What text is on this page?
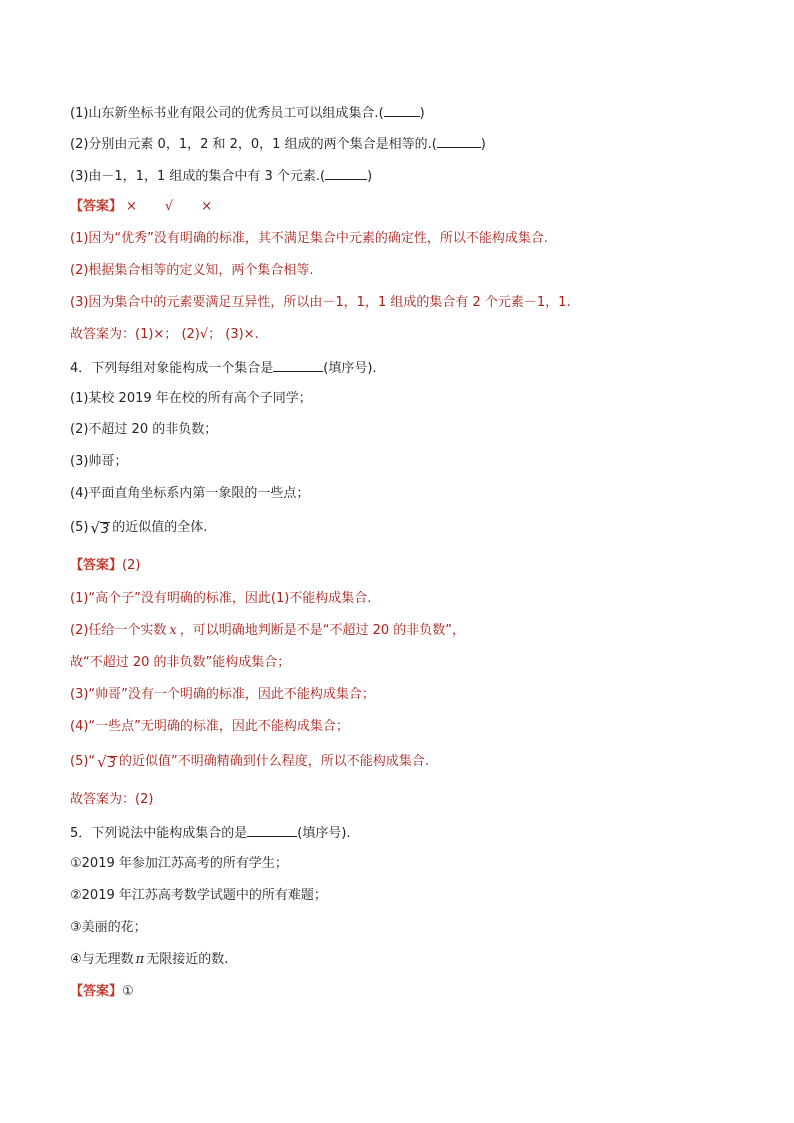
(1)山东新坐标书业有限公司的优秀员工可以组成集合.(	)
(2)分别由元素 0，1，2 和 2，0，1 组成的两个集合是相等的.(	)
(3)由－1，1，1 组成的集合中有 3 个元素.(	)
【答案】 × √ ×
(1)因为“优秀”没有明确的标准，其不满足集合中元素的确定性，所以不能构成集合.
(2)根据集合相等的定义知，两个集合相等.
(3)因为集合中的元素要满足互异性，所以由－1，1，1 组成的集合有 2 个元素－1，1.
故答案为：(1)×； (2)√； (3)×.
4．下列每组对象能构成一个集合是	(填序号).
(1)某校 2019 年在校的所有高个子同学；
(2)不超过 20 的非负数；
(3)帅哥；
(4)平面直角坐标系内第一象限的一些点；
(5) √ 3 的近似值的全体.
【答案】(2)
(1)“高个子”没有明确的标准，因此(1)不能构成集合.
(2)任给一个实数 x ，可以明确地判断是不是“不超过 20 的非负数”，
故“不超过 20 的非负数”能构成集合；
(3)“帅哥”没有一个明确的标准，因此不能构成集合；
(4)“一些点”无明确的标准，因此不能构成集合；
(5)“ √ 3 的近似值”不明确精确到什么程度，所以不能构成集合.
故答案为：(2)
5．下列说法中能构成集合的是	(填序号).
①2019 年参加江苏高考的所有学生；
②2019 年江苏高考数学试题中的所有难题；
③美丽的花；
④与无理数 π 无限接近的数.
【答案】①
